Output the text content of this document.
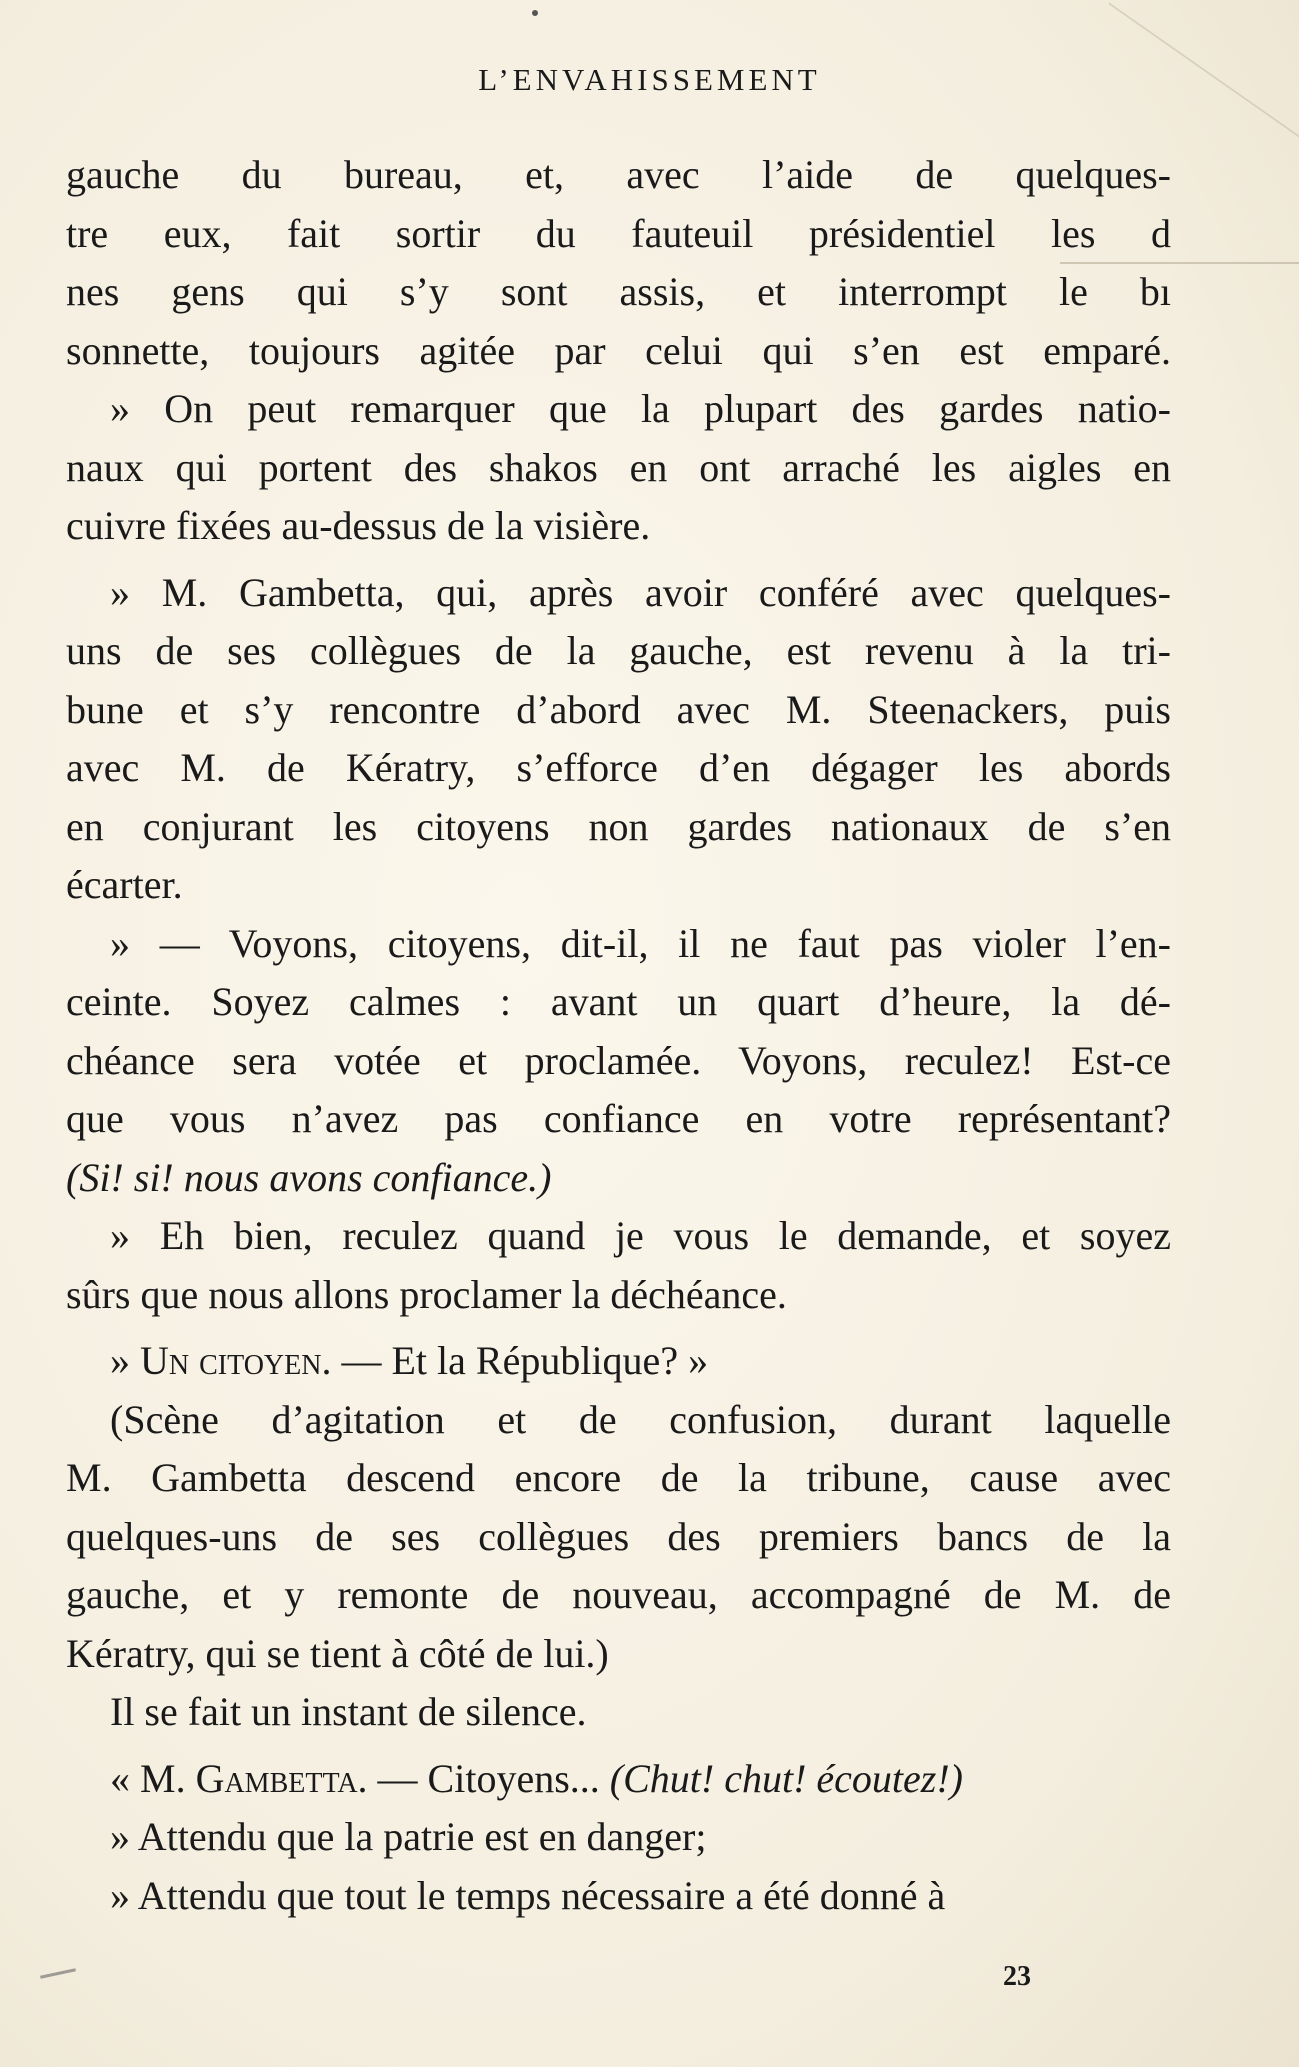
L’ENVAHISSEMENT
gauche du bureau, et, avec l’aide de quelques-
tre eux, fait sortir du fauteuil présidentiel les d
nes gens qui s’y sont assis, et interrompt le bı
sonnette, toujours agitée par celui qui s’en est emparé.
» On peut remarquer que la plupart des gardes natio-
naux qui portent des shakos en ont arraché les aigles en
cuivre fixées au-dessus de la visière.
» M. Gambetta, qui, après avoir conféré avec quelques-
uns de ses collègues de la gauche, est revenu à la tri-
bune et s’y rencontre d’abord avec M. Steenackers, puis
avec M. de Kératry, s’efforce d’en dégager les abords
en conjurant les citoyens non gardes nationaux de s’en
écarter.
» — Voyons, citoyens, dit-il, il ne faut pas violer l’en-
ceinte. Soyez calmes : avant un quart d’heure, la dé-
chéance sera votée et proclamée. Voyons, reculez! Est-ce
que vous n’avez pas confiance en votre représentant?
(Si! si! nous avons confiance.)
» Eh bien, reculez quand je vous le demande, et soyez
sûrs que nous allons proclamer la déchéance.
» Un citoyen. — Et la République? »
(Scène d’agitation et de confusion, durant laquelle
M. Gambetta descend encore de la tribune, cause avec
quelques-uns de ses collègues des premiers bancs de la
gauche, et y remonte de nouveau, accompagné de M. de
Kératry, qui se tient à côté de lui.)
Il se fait un instant de silence.
« M. Gambetta. — Citoyens... (Chut! chut! écoutez!)
» Attendu que la patrie est en danger;
» Attendu que tout le temps nécessaire a été donné à
23
